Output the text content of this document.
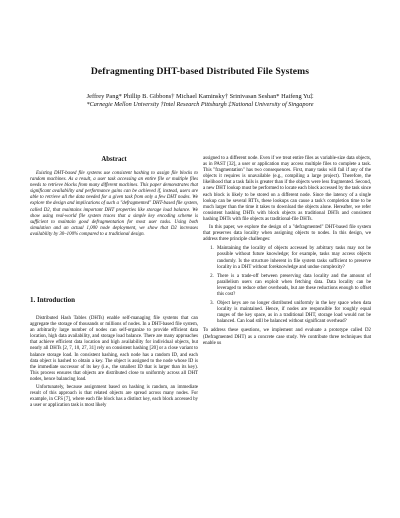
Defragmenting DHT-based Distributed File Systems
Jeffrey Pang* Phillip B. Gibbons† Michael Kaminsky† Srinivasan Seshan* Haifeng Yu‡
*Carnegie Mellon University †Intel Research Pittsburgh ‡National University of Singapore
Abstract

Existing DHT-based file systems use consistent hashing to assign file blocks to random machines. As a result, a user task accessing an entire file or multiple files needs to retrieve blocks from many different machines. This paper demonstrates that significant availability and performance gains can be achieved if, instead, users are able to retrieve all the data needed for a given task from only a few DHT nodes. We explore the design and implications of such a "defragmented" DHT-based file system, called D2, that maintains important DHT properties like storage load balance. We show using real-world file system traces that a simple key encoding scheme is sufficient to maintain good defragmentation for most user tasks. Using both simulation and an actual 1,000 node deployment, we show that D2 increases availability by 30–100% compared to a traditional design.

1. Introduction

Distributed Hash Tables (DHTs) enable self-managing file systems that can aggregate the storage of thousands or millions of nodes. In a DHT-based file system, an arbitrarily large number of nodes can self-organize to provide efficient data location, high data availability, and storage load balance. There are many approaches that achieve efficient data location and high availability for individual objects, but nearly all DHTs [2, 7, 10, 27, 31] rely on consistent hashing [20] or a close variant to balance storage load. In consistent hashing, each node has a random ID, and each data object is hashed to obtain a key. The object is assigned to the node whose ID is the immediate successor of its key (i.e., the smallest ID that is larger than its key). This process ensures that objects are distributed close to uniformly across all DHT nodes, hence balancing load.

Unfortunately, because assignment based on hashing is random, an immediate result of this approach is that related objects are spread across many nodes. For example, in CFS [7], where each file block has a distinct key, each block accessed by a user or application task is most likely

assigned to a different node. Even if we treat entire files as variable-size data objects, as in PAST [32], a user or application may access multiple files to complete a task. This "fragmentation" has two consequences. First, many tasks will fail if any of the objects it requires is unavailable (e.g., compiling a large project). Therefore, the likelihood that a task fails is greater than if the objects were less fragmented. Second, a new DHT lookup must be performed to locate each block accessed by the task since each block is likely to be stored on a different node. Since the latency of a single lookup can be several RTTs, these lookups can cause a task's completion time to be much larger than the time it takes to download the objects alone. Hereafter, we refer consistent hashing DHTs with block objects as traditional DHTs and consistent hashing DHTs with file objects as traditional-file DHTs.

In this paper, we explore the design of a "defragmented" DHT-based file system that preserves data locality when assigning objects to nodes. In this design, we address three principle challenges:

1. Maintaining the locality of objects accessed by arbitrary tasks may not be possible without future knowledge; for example, tasks may access objects randomly. Is the structure inherent in file system tasks sufficient to preserve locality in a DHT without foreknowledge and undue complexity?
2. There is a trade-off between preserving data locality and the amount of parallelism users can exploit when fetching data. Data locality can be leveraged to reduce other overheads, but are these reductions enough to offset this cost?
3. Object keys are no longer distributed uniformly in the key space when data locality is maintained. Hence, if nodes are responsible for roughly equal ranges of the key space, as in a traditional DHT, storage load would not be balanced. Can load still be balanced without significant overhead?

To address these questions, we implement and evaluate a prototype called D2 (Defragmented DHT) as a concrete case study. We contribute three techniques that enable us
